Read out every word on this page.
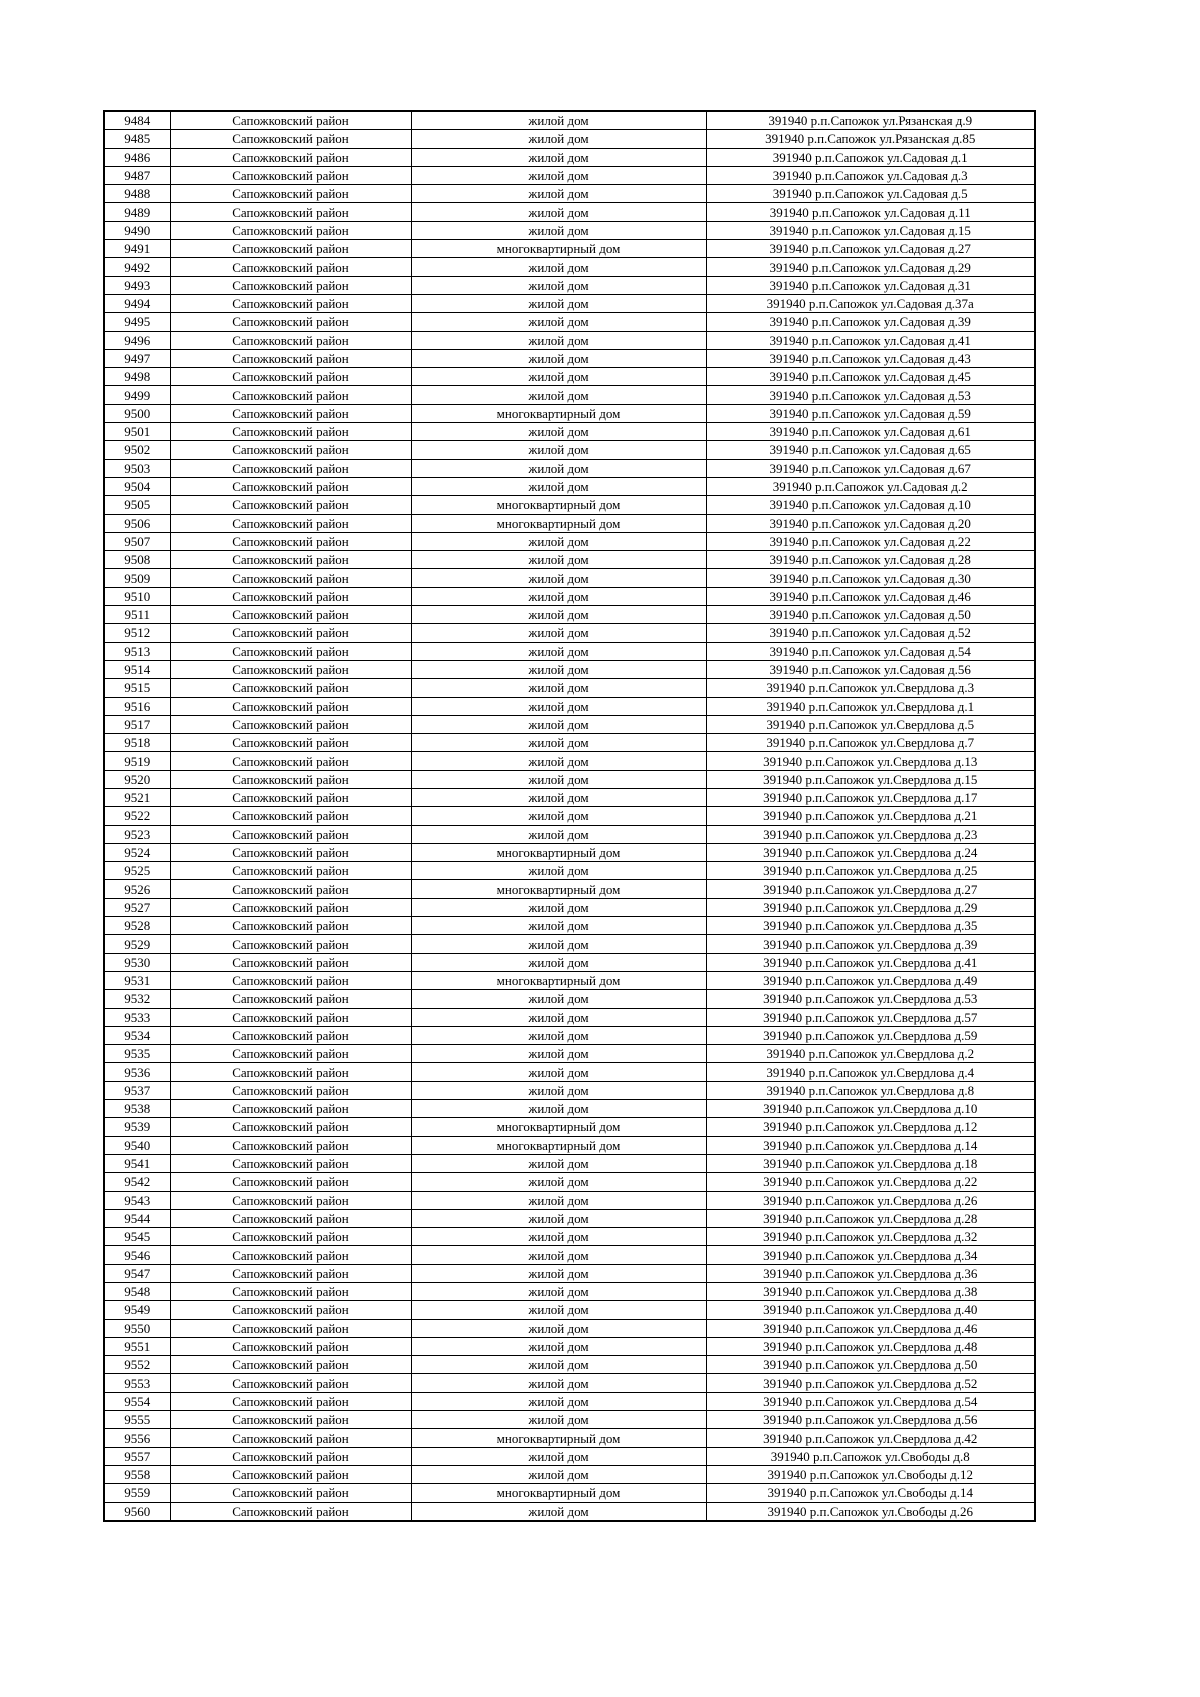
9484	Сапожковский район	жилой дом	391940 р.п.Сапожок ул.Рязанская д.9
9485	Сапожковский район	жилой дом	391940 р.п.Сапожок ул.Рязанская д.85
9486	Сапожковский район	жилой дом	391940 р.п.Сапожок ул.Садовая д.1
9487	Сапожковский район	жилой дом	391940 р.п.Сапожок ул.Садовая д.3
9488	Сапожковский район	жилой дом	391940 р.п.Сапожок ул.Садовая д.5
9489	Сапожковский район	жилой дом	391940 р.п.Сапожок ул.Садовая д.11
9490	Сапожковский район	жилой дом	391940 р.п.Сапожок ул.Садовая д.15
9491	Сапожковский район	многоквартирный дом	391940 р.п.Сапожок ул.Садовая д.27
9492	Сапожковский район	жилой дом	391940 р.п.Сапожок ул.Садовая д.29
9493	Сапожковский район	жилой дом	391940 р.п.Сапожок ул.Садовая д.31
9494	Сапожковский район	жилой дом	391940 р.п.Сапожок ул.Садовая д.37а
9495	Сапожковский район	жилой дом	391940 р.п.Сапожок ул.Садовая д.39
9496	Сапожковский район	жилой дом	391940 р.п.Сапожок ул.Садовая д.41
9497	Сапожковский район	жилой дом	391940 р.п.Сапожок ул.Садовая д.43
9498	Сапожковский район	жилой дом	391940 р.п.Сапожок ул.Садовая д.45
9499	Сапожковский район	жилой дом	391940 р.п.Сапожок ул.Садовая д.53
9500	Сапожковский район	многоквартирный дом	391940 р.п.Сапожок ул.Садовая д.59
9501	Сапожковский район	жилой дом	391940 р.п.Сапожок ул.Садовая д.61
9502	Сапожковский район	жилой дом	391940 р.п.Сапожок ул.Садовая д.65
9503	Сапожковский район	жилой дом	391940 р.п.Сапожок ул.Садовая д.67
9504	Сапожковский район	жилой дом	391940 р.п.Сапожок ул.Садовая д.2
9505	Сапожковский район	многоквартирный дом	391940 р.п.Сапожок ул.Садовая д.10
9506	Сапожковский район	многоквартирный дом	391940 р.п.Сапожок ул.Садовая д.20
9507	Сапожковский район	жилой дом	391940 р.п.Сапожок ул.Садовая д.22
9508	Сапожковский район	жилой дом	391940 р.п.Сапожок ул.Садовая д.28
9509	Сапожковский район	жилой дом	391940 р.п.Сапожок ул.Садовая д.30
9510	Сапожковский район	жилой дом	391940 р.п.Сапожок ул.Садовая д.46
9511	Сапожковский район	жилой дом	391940 р.п.Сапожок ул.Садовая д.50
9512	Сапожковский район	жилой дом	391940 р.п.Сапожок ул.Садовая д.52
9513	Сапожковский район	жилой дом	391940 р.п.Сапожок ул.Садовая д.54
9514	Сапожковский район	жилой дом	391940 р.п.Сапожок ул.Садовая д.56
9515	Сапожковский район	жилой дом	391940 р.п.Сапожок ул.Свердлова д.3
9516	Сапожковский район	жилой дом	391940 р.п.Сапожок ул.Свердлова д.1
9517	Сапожковский район	жилой дом	391940 р.п.Сапожок ул.Свердлова д.5
9518	Сапожковский район	жилой дом	391940 р.п.Сапожок ул.Свердлова д.7
9519	Сапожковский район	жилой дом	391940 р.п.Сапожок ул.Свердлова д.13
9520	Сапожковский район	жилой дом	391940 р.п.Сапожок ул.Свердлова д.15
9521	Сапожковский район	жилой дом	391940 р.п.Сапожок ул.Свердлова д.17
9522	Сапожковский район	жилой дом	391940 р.п.Сапожок ул.Свердлова д.21
9523	Сапожковский район	жилой дом	391940 р.п.Сапожок ул.Свердлова д.23
9524	Сапожковский район	многоквартирный дом	391940 р.п.Сапожок ул.Свердлова д.24
9525	Сапожковский район	жилой дом	391940 р.п.Сапожок ул.Свердлова д.25
9526	Сапожковский район	многоквартирный дом	391940 р.п.Сапожок ул.Свердлова д.27
9527	Сапожковский район	жилой дом	391940 р.п.Сапожок ул.Свердлова д.29
9528	Сапожковский район	жилой дом	391940 р.п.Сапожок ул.Свердлова д.35
9529	Сапожковский район	жилой дом	391940 р.п.Сапожок ул.Свердлова д.39
9530	Сапожковский район	жилой дом	391940 р.п.Сапожок ул.Свердлова д.41
9531	Сапожковский район	многоквартирный дом	391940 р.п.Сапожок ул.Свердлова д.49
9532	Сапожковский район	жилой дом	391940 р.п.Сапожок ул.Свердлова д.53
9533	Сапожковский район	жилой дом	391940 р.п.Сапожок ул.Свердлова д.57
9534	Сапожковский район	жилой дом	391940 р.п.Сапожок ул.Свердлова д.59
9535	Сапожковский район	жилой дом	391940 р.п.Сапожок ул.Свердлова д.2
9536	Сапожковский район	жилой дом	391940 р.п.Сапожок ул.Свердлова д.4
9537	Сапожковский район	жилой дом	391940 р.п.Сапожок ул.Свердлова д.8
9538	Сапожковский район	жилой дом	391940 р.п.Сапожок ул.Свердлова д.10
9539	Сапожковский район	многоквартирный дом	391940 р.п.Сапожок ул.Свердлова д.12
9540	Сапожковский район	многоквартирный дом	391940 р.п.Сапожок ул.Свердлова д.14
9541	Сапожковский район	жилой дом	391940 р.п.Сапожок ул.Свердлова д.18
9542	Сапожковский район	жилой дом	391940 р.п.Сапожок ул.Свердлова д.22
9543	Сапожковский район	жилой дом	391940 р.п.Сапожок ул.Свердлова д.26
9544	Сапожковский район	жилой дом	391940 р.п.Сапожок ул.Свердлова д.28
9545	Сапожковский район	жилой дом	391940 р.п.Сапожок ул.Свердлова д.32
9546	Сапожковский район	жилой дом	391940 р.п.Сапожок ул.Свердлова д.34
9547	Сапожковский район	жилой дом	391940 р.п.Сапожок ул.Свердлова д.36
9548	Сапожковский район	жилой дом	391940 р.п.Сапожок ул.Свердлова д.38
9549	Сапожковский район	жилой дом	391940 р.п.Сапожок ул.Свердлова д.40
9550	Сапожковский район	жилой дом	391940 р.п.Сапожок ул.Свердлова д.46
9551	Сапожковский район	жилой дом	391940 р.п.Сапожок ул.Свердлова д.48
9552	Сапожковский район	жилой дом	391940 р.п.Сапожок ул.Свердлова д.50
9553	Сапожковский район	жилой дом	391940 р.п.Сапожок ул.Свердлова д.52
9554	Сапожковский район	жилой дом	391940 р.п.Сапожок ул.Свердлова д.54
9555	Сапожковский район	жилой дом	391940 р.п.Сапожок ул.Свердлова д.56
9556	Сапожковский район	многоквартирный дом	391940 р.п.Сапожок ул.Свердлова д.42
9557	Сапожковский район	жилой дом	391940 р.п.Сапожок ул.Свободы д.8
9558	Сапожковский район	жилой дом	391940 р.п.Сапожок ул.Свободы д.12
9559	Сапожковский район	многоквартирный дом	391940 р.п.Сапожок ул.Свободы д.14
9560	Сапожковский район	жилой дом	391940 р.п.Сапожок ул.Свободы д.26
